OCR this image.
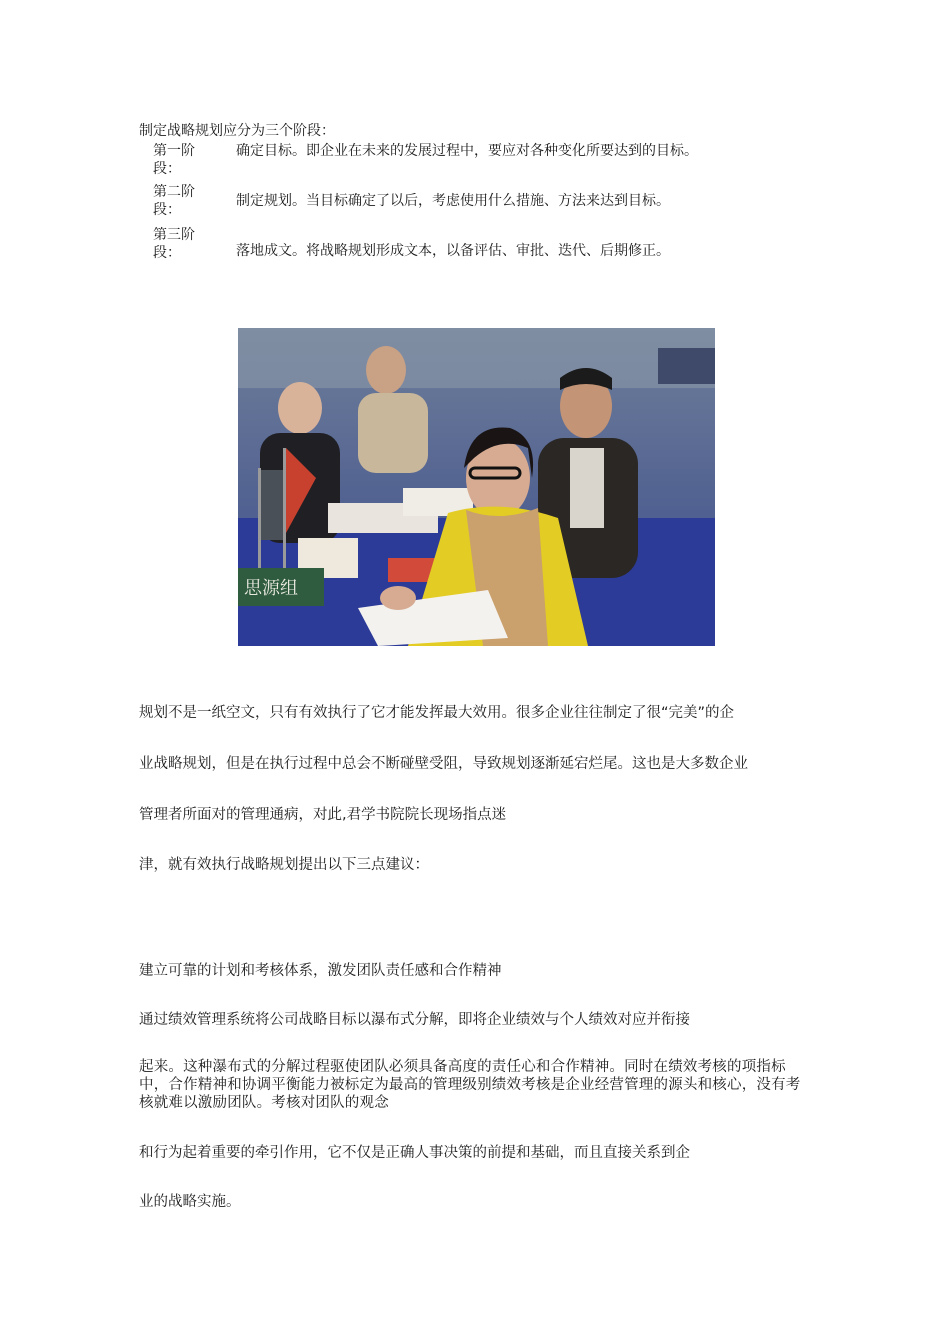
制定战略规划应分为三个阶段：
第一阶段：
确定目标。即企业在未来的发展过程中，要应对各种变化所要达到的目标。
第二阶段：
制定规划。当目标确定了以后，考虑使用什么措施、方法来达到目标。
第三阶段：	落地成文。将战略规划形成文本，以备评估、审批、迭代、后期修正。
思源组
规划不是一纸空文，只有有效执行了它才能发挥最大效用。很多企业往往制定了很“完美”的企
业战略规划，但是在执行过程中总会不断碰壁受阻，导致规划逐渐延宕烂尾。这也是大多数企业
管理者所面对的管理通病，对此,君学书院院长现场指点迷
津，就有效执行战略规划提出以下三点建议：
建立可靠的计划和考核体系，激发团队责任感和合作精神
通过绩效管理系统将公司战略目标以瀑布式分解，即将企业绩效与个人绩效对应并衔接
起来。这种瀑布式的分解过程驱使团队必须具备高度的责任心和合作精神。同时在绩效考核的项指标中，合作精神和协调平衡能力被标定为最高的管理级别绩效考核是企业经营管理的源头和核心，没有考核就难以激励团队。考核对团队的观念
和行为起着重要的牵引作用，它不仅是正确人事决策的前提和基础，而且直接关系到企
业的战略实施。
